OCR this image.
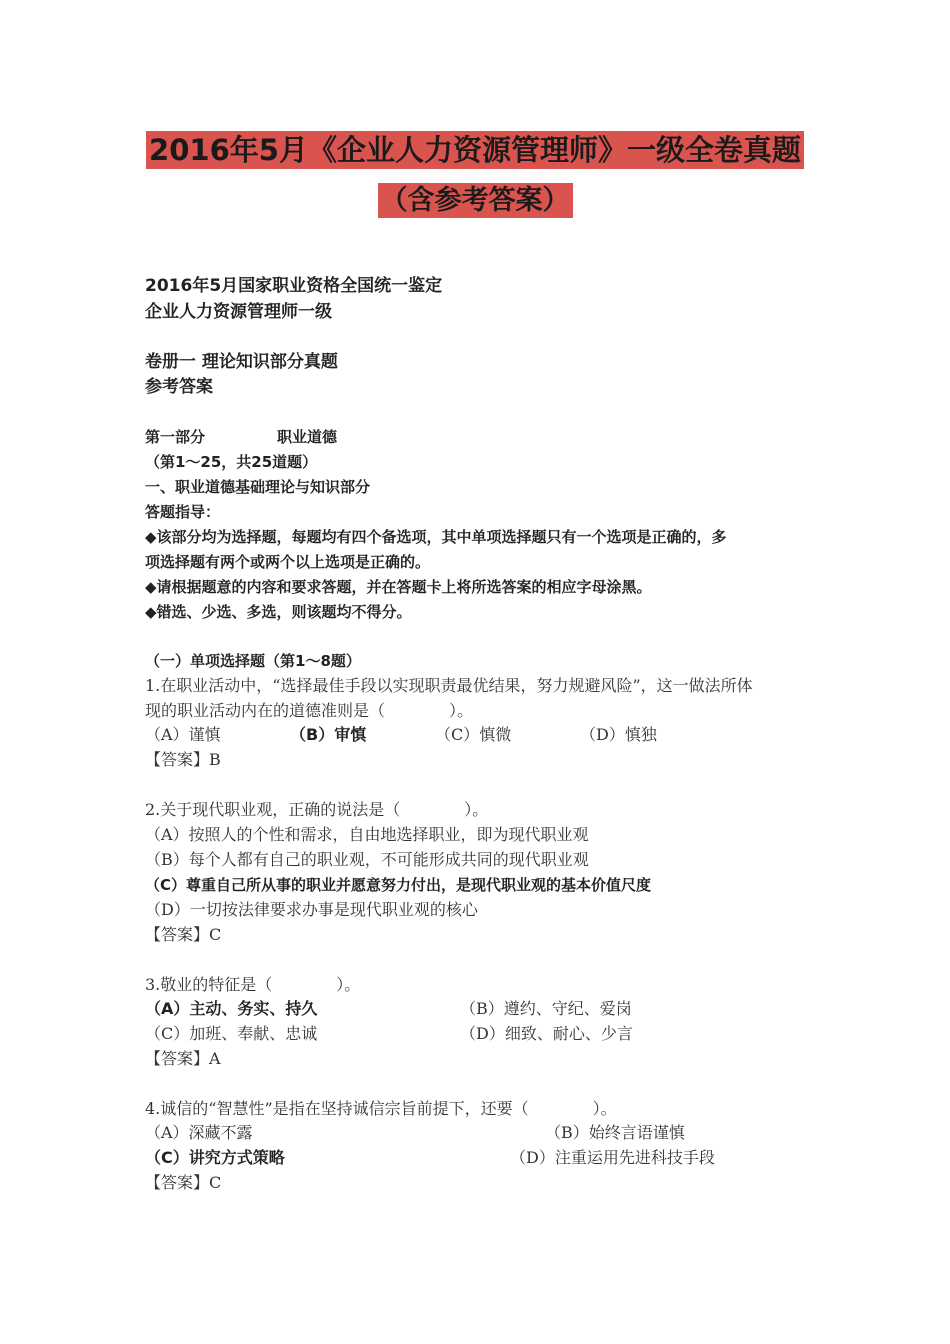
2016年5月《企业人力资源管理师》一级全卷真题
（含参考答案）
2016年5月国家职业资格全国统一鉴定
企业人力资源管理师一级
卷册一 理论知识部分真题
参考答案
第一部分	职业道德
（第1～25，共25道题）
一、职业道德基础理论与知识部分
答题指导：
◆该部分均为选择题，每题均有四个备选项，其中单项选择题只有一个选项是正确的，多
项选择题有两个或两个以上选项是正确的。
◆请根据题意的内容和要求答题，并在答题卡上将所选答案的相应字母涂黑。
◆错选、少选、多选，则该题均不得分。
（一）单项选择题（第1～8题）
1.在职业活动中，“选择最佳手段以实现职责最优结果，努力规避风险”，这一做法所体
现的职业活动内在的道德准则是（　　　　）。
（A）谨慎	（B）审慎	（C）慎微	（D）慎独
【答案】B
2.关于现代职业观，正确的说法是（　　　　）。
（A）按照人的个性和需求，自由地选择职业，即为现代职业观
（B）每个人都有自己的职业观，不可能形成共同的现代职业观
（C）尊重自己所从事的职业并愿意努力付出，是现代职业观的基本价值尺度
（D）一切按法律要求办事是现代职业观的核心
【答案】C
3.敬业的特征是（　　　　）。
（A）主动、务实、持久	（B）遵约、守纪、爱岗
（C）加班、奉献、忠诚	（D）细致、耐心、少言
【答案】A
4.诚信的“智慧性”是指在坚持诚信宗旨前提下，还要（　　　　）。
（A）深藏不露	（B）始终言语谨慎
（C）讲究方式策略	（D）注重运用先进科技手段
【答案】C
